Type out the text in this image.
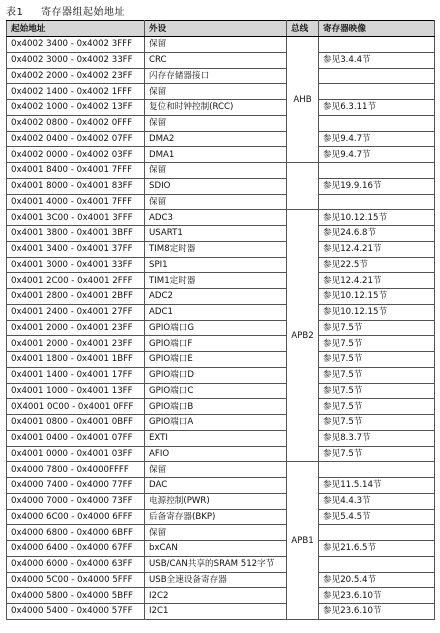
表1 寄存器组起始地址
起始地址	外设	总线	寄存器映像
0x4002 3400 - 0x4002 3FFF	保留	AHB	
0x4002 3000 - 0x4002 33FF	CRC		参见3.4.4节
0x4002 2000 - 0x4002 23FF	闪存存储器接口		
0x4002 1400 - 0x4002 1FFF	保留		
0x4002 1000 - 0x4002 13FF	复位和时钟控制(RCC)		参见6.3.11节
0x4002 0800 - 0x4002 0FFF	保留		
0x4002 0400 - 0x4002 07FF	DMA2		参见9.4.7节
0x4002 0000 - 0x4002 03FF	DMA1		参见9.4.7节
0x4001 8400 - 0x4001 7FFF	保留		
0x4001 8000 - 0x4001 83FF	SDIO		参见19.9.16节
0x4001 4000 - 0x4001 7FFF	保留		
0x4001 3C00 - 0x4001 3FFF	ADC3	APB2	参见10.12.15节
0x4001 3800 - 0x4001 3BFF	USART1		参见24.6.8节
0x4001 3400 - 0x4001 37FF	TIM8定时器		参见12.4.21节
0x4001 3000 - 0x4001 33FF	SPI1		参见22.5节
0x4001 2C00 - 0x4001 2FFF	TIM1定时器		参见12.4.21节
0x4001 2800 - 0x4001 2BFF	ADC2		参见10.12.15节
0x4001 2400 - 0x4001 27FF	ADC1		参见10.12.15节
0x4001 2000 - 0x4001 23FF	GPIO端口G		参见7.5节
0x4001 2000 - 0x4001 23FF	GPIO端口F		参见7.5节
0x4001 1800 - 0x4001 1BFF	GPIO端口E		参见7.5节
0x4001 1400 - 0x4001 17FF	GPIO端口D		参见7.5节
0x4001 1000 - 0x4001 13FF	GPIO端口C		参见7.5节
0X4001 0C00 - 0x4001 0FFF	GPIO端口B		参见7.5节
0x4001 0800 - 0x4001 0BFF	GPIO端口A		参见7.5节
0x4001 0400 - 0x4001 07FF	EXTI		参见8.3.7节
0x4001 0000 - 0x4001 03FF	AFIO		参见7.5节
0x4000 7800 - 0x4000FFFF	保留	APB1	
0x4000 7400 - 0x4000 77FF	DAC		参见11.5.14节
0x4000 7000 - 0x4000 73FF	电源控制(PWR)		参见4.4.3节
0x4000 6C00 - 0x4000 6FFF	后备寄存器(BKP)		参见5.4.5节
0x4000 6800 - 0x4000 6BFF	保留		
0x4000 6400 - 0x4000 67FF	bxCAN		参见21.6.5节
0x4000 6000 - 0x4000 63FF	USB/CAN共享的SRAM 512字节		
0x4000 5C00 - 0x4000 5FFF	USB全速设备寄存器		参见20.5.4节
0x4000 5800 - 0x4000 5BFF	I2C2		参见23.6.10节
0x4000 5400 - 0x4000 57FF	I2C1		参见23.6.10节
